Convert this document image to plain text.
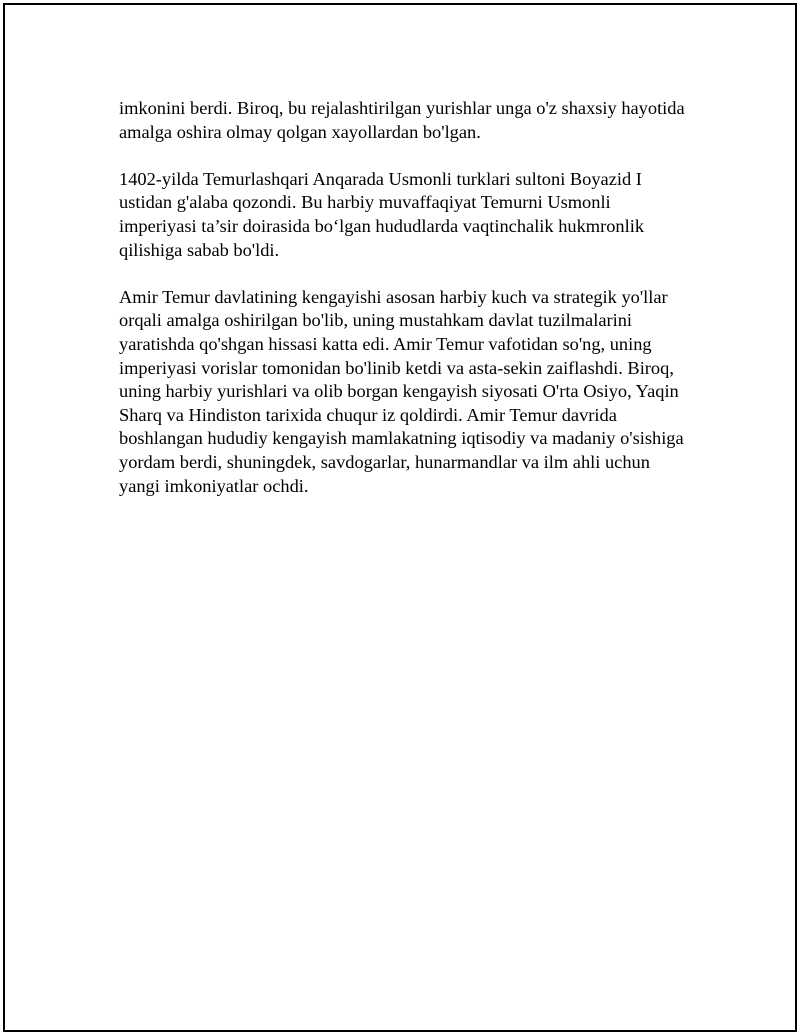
imkonini berdi. Biroq, bu rejalashtirilgan yurishlar unga o'z shaxsiy hayotida
amalga oshira olmay qolgan xayollardan bo'lgan.

1402-yilda Temurlashqari Anqarada Usmonli turklari sultoni Boyazid I
ustidan g'alaba qozondi. Bu harbiy muvaffaqiyat Temurni Usmonli
imperiyasi ta’sir doirasida bo‘lgan hududlarda vaqtinchalik hukmronlik
qilishiga sabab bo'ldi.

Amir Temur davlatining kengayishi asosan harbiy kuch va strategik yo'llar
orqali amalga oshirilgan bo'lib, uning mustahkam davlat tuzilmalarini
yaratishda qo'shgan hissasi katta edi. Amir Temur vafotidan so'ng, uning
imperiyasi vorislar tomonidan bo'linib ketdi va asta-sekin zaiflashdi. Biroq,
uning harbiy yurishlari va olib borgan kengayish siyosati O'rta Osiyo, Yaqin
Sharq va Hindiston tarixida chuqur iz qoldirdi. Amir Temur davrida
boshlangan hududiy kengayish mamlakatning iqtisodiy va madaniy o'sishiga
yordam berdi, shuningdek, savdogarlar, hunarmandlar va ilm ahli uchun
yangi imkoniyatlar ochdi.
